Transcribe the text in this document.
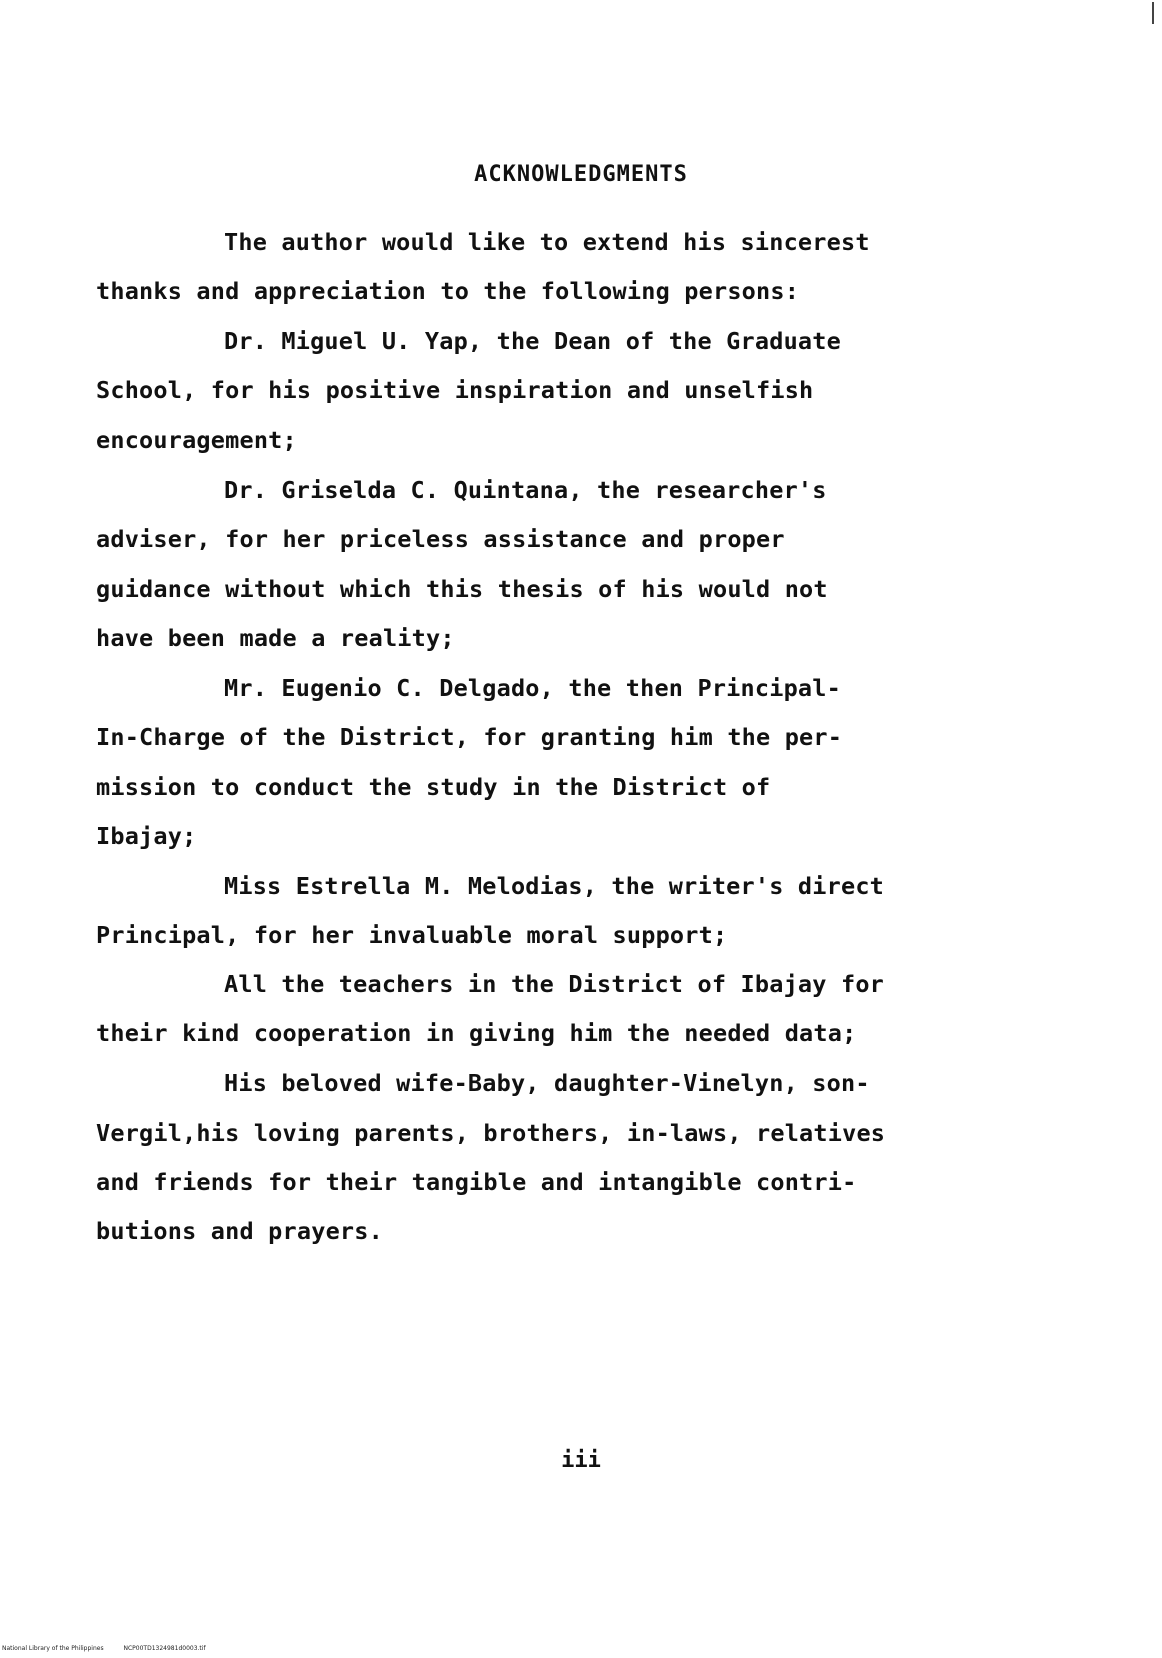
ACKNOWLEDGMENTS
The author would like to extend his sincerest
thanks and appreciation to the following persons:
Dr. Miguel U. Yap, the Dean of the Graduate
School, for his positive inspiration and unselfish
encouragement;
Dr. Griselda C. Quintana, the researcher's
adviser, for her priceless assistance and proper
guidance without which this thesis of his would not
have been made a reality;
Mr. Eugenio C. Delgado, the then Principal-
In-Charge of the District, for granting him the per-
mission to conduct the study in the District of
Ibajay;
Miss Estrella M. Melodias, the writer's direct
Principal, for her invaluable moral support;
All the teachers in the District of Ibajay for
their kind cooperation in giving him the needed data;
His beloved wife-Baby, daughter-Vinelyn, son-
Vergil,his loving parents, brothers, in-laws, relatives
and friends for their tangible and intangible contri-
butions and prayers.
iii
National Library of the Philippines	NCP00TD1324981d0003.tif
